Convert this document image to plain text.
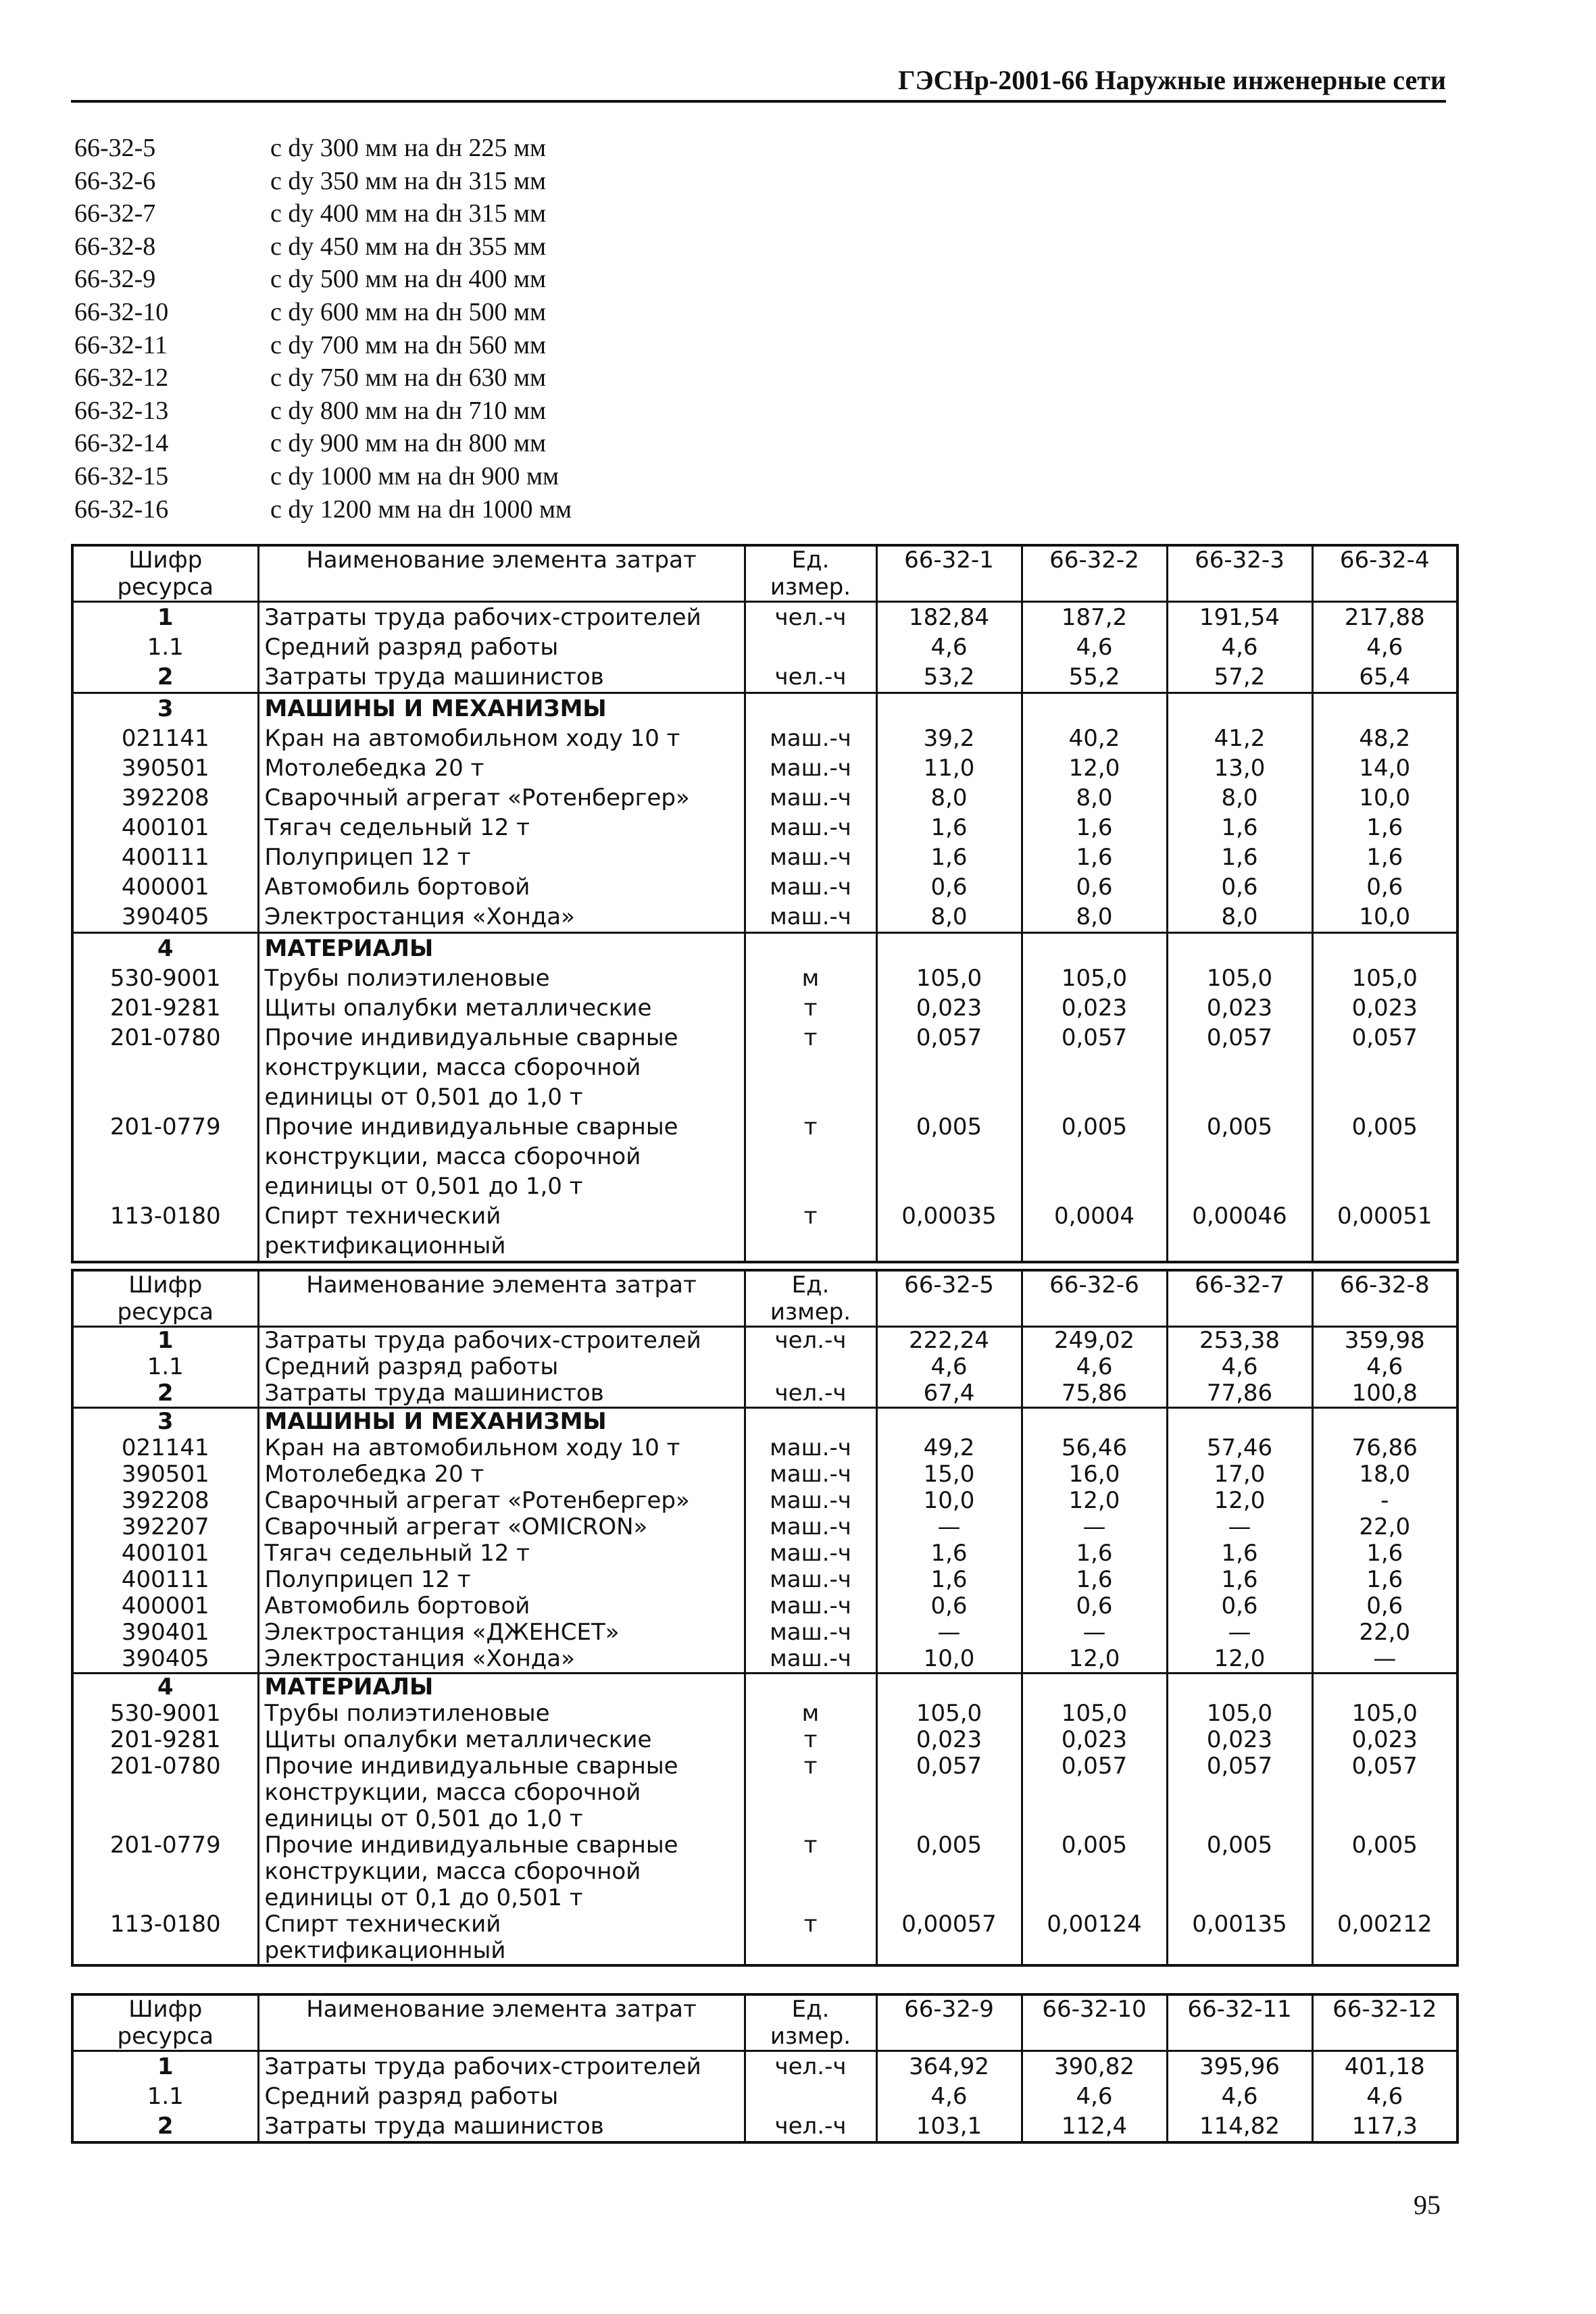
ГЭСНр-2001-66 Наружные инженерные сети
66-32-5	с dу 300 мм на dн 225 мм
66-32-6	с dу 350 мм на dн 315 мм
66-32-7	с dу 400 мм на dн 315 мм
66-32-8	с dу 450 мм на dн 355 мм
66-32-9	с dу 500 мм на dн 400 мм
66-32-10	с dу 600 мм на dн 500 мм
66-32-11	с dу 700 мм на dн 560 мм
66-32-12	с dу 750 мм на dн 630 мм
66-32-13	с dу 800 мм на dн 710 мм
66-32-14	с dу 900 мм на dн 800 мм
66-32-15	с dу 1000 мм на dн 900 мм
66-32-16	с dу 1200 мм на dн 1000 мм
Шифр ресурса	Наименование элемента затрат	Ед. измер.	66-32-1	66-32-2	66-32-3	66-32-4
1	Затраты труда рабочих-строителей	чел.-ч	182,84	187,2	191,54	217,88
1.1	Средний разряд работы		4,6	4,6	4,6	4,6
2	Затраты труда машинистов	чел.-ч	53,2	55,2	57,2	65,4
3	МАШИНЫ И МЕХАНИЗМЫ					
021141	Кран на автомобильном ходу 10 т	маш.-ч	39,2	40,2	41,2	48,2
390501	Мотолебедка 20 т	маш.-ч	11,0	12,0	13,0	14,0
392208	Сварочный агрегат «Ротенбергер»	маш.-ч	8,0	8,0	8,0	10,0
400101	Тягач седельный 12 т	маш.-ч	1,6	1,6	1,6	1,6
400111	Полуприцеп 12 т	маш.-ч	1,6	1,6	1,6	1,6
400001	Автомобиль бортовой	маш.-ч	0,6	0,6	0,6	0,6
390405	Электростанция «Хонда»	маш.-ч	8,0	8,0	8,0	10,0
4	МАТЕРИАЛЫ					
530-9001	Трубы полиэтиленовые	м	105,0	105,0	105,0	105,0
201-9281	Щиты опалубки металлические	т	0,023	0,023	0,023	0,023
201-0780	Прочие индивидуальные сварные конструкции, масса сборочной единицы от 0,501 до 1,0 т	т	0,057	0,057	0,057	0,057
201-0779	Прочие индивидуальные сварные конструкции, масса сборочной единицы от 0,501 до 1,0 т	т	0,005	0,005	0,005	0,005
113-0180	Спирт технический ректификационный	т	0,00035	0,0004	0,00046	0,00051
Шифр ресурса	Наименование элемента затрат	Ед. измер.	66-32-5	66-32-6	66-32-7	66-32-8
1	Затраты труда рабочих-строителей	чел.-ч	222,24	249,02	253,38	359,98
1.1	Средний разряд работы		4,6	4,6	4,6	4,6
2	Затраты труда машинистов	чел.-ч	67,4	75,86	77,86	100,8
3	МАШИНЫ И МЕХАНИЗМЫ					
021141	Кран на автомобильном ходу 10 т	маш.-ч	49,2	56,46	57,46	76,86
390501	Мотолебедка 20 т	маш.-ч	15,0	16,0	17,0	18,0
392208	Сварочный агрегат «Ротенбергер»	маш.-ч	10,0	12,0	12,0	-
392207	Сварочный агрегат «OMICRON»	маш.-ч	—	—	—	22,0
400101	Тягач седельный 12 т	маш.-ч	1,6	1,6	1,6	1,6
400111	Полуприцеп 12 т	маш.-ч	1,6	1,6	1,6	1,6
400001	Автомобиль бортовой	маш.-ч	0,6	0,6	0,6	0,6
390401	Электростанция «ДЖЕНСЕТ»	маш.-ч	—	—	—	22,0
390405	Электростанция «Хонда»	маш.-ч	10,0	12,0	12,0	—
4	МАТЕРИАЛЫ					
530-9001	Трубы полиэтиленовые	м	105,0	105,0	105,0	105,0
201-9281	Щиты опалубки металлические	т	0,023	0,023	0,023	0,023
201-0780	Прочие индивидуальные сварные конструкции, масса сборочной единицы от 0,501 до 1,0 т	т	0,057	0,057	0,057	0,057
201-0779	Прочие индивидуальные сварные конструкции, масса сборочной единицы от 0,1 до 0,501 т	т	0,005	0,005	0,005	0,005
113-0180	Спирт технический ректификационный	т	0,00057	0,00124	0,00135	0,00212
Шифр ресурса	Наименование элемента затрат	Ед. измер.	66-32-9	66-32-10	66-32-11	66-32-12
1	Затраты труда рабочих-строителей	чел.-ч	364,92	390,82	395,96	401,18
1.1	Средний разряд работы		4,6	4,6	4,6	4,6
2	Затраты труда машинистов	чел.-ч	103,1	112,4	114,82	117,3
95
